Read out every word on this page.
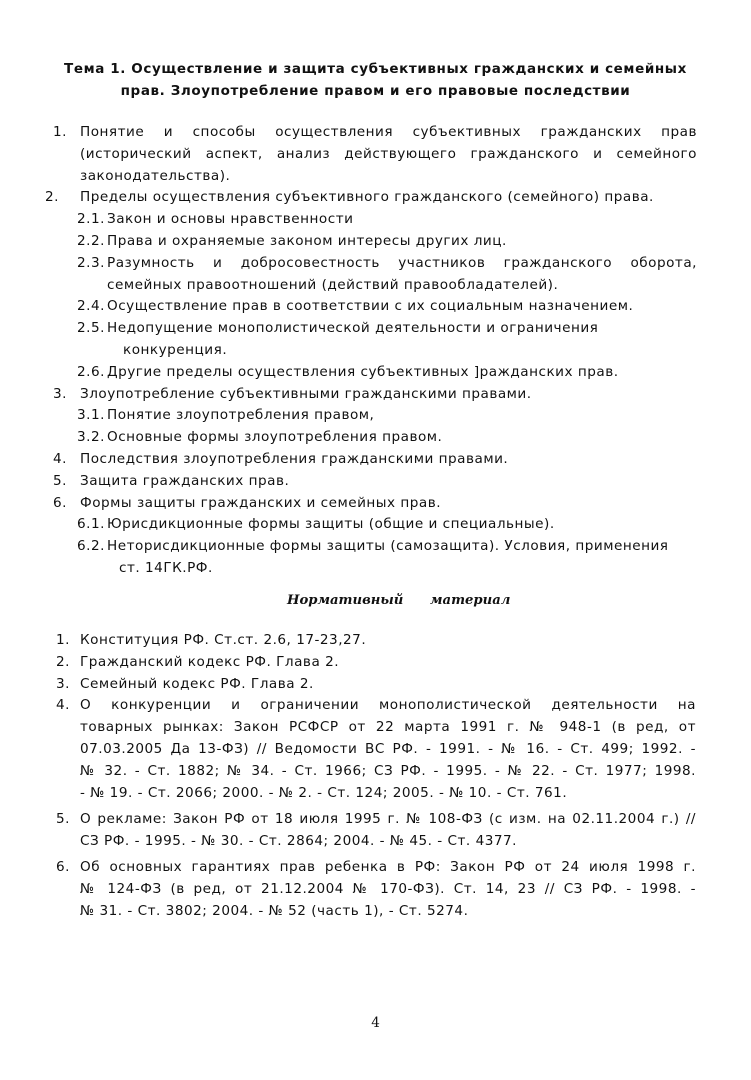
Тема 1. Осуществление и защита субъективных гражданских и семейных
прав. Злоупотребление правом и его правовые последствии
1. Понятие и способы осуществления субъективных гражданских прав
(исторический аспект, анализ действующего гражданского и семейного
законодательства).
2. Пределы осуществления субъективного гражданского (семейного) права.
2.1. Закон и основы нравственности
2.2. Права и охраняемые законом интересы других лиц.
2.3. Разумность и добросовестность участников гражданского оборота,
семейных правоотношений (действий правообладателей).
2.4. Осуществление прав в соответствии с их социальным назначением.
2.5. Недопущение монополистической деятельности и ограничения
конкуренция.
2.6. Другие пределы осуществления субъективных ]ражданских прав.
3. Злоупотребление субъективными гражданскими правами.
3.1. Понятие злоупотребления правом,
3.2. Основные формы злоупотребления правом.
4. Последствия злоупотребления гражданскими правами.
5. Защита гражданских прав.
6. Формы защиты гражданских и семейных прав.
6.1. Юрисдикционные формы защиты (общие и специальные).
6.2. Неторисдикционные формы защиты (самозащита). Условия, применения
ст. 14ГК.РФ.
Нормативный материал
1. Конституция РФ. Ст.ст. 2.6, 17-23,27.
2. Гражданский кодекс РФ. Глава 2.
3. Семейный кодекс РФ. Глава 2.
4. О конкуренции и ограничении монополистической деятельности на
товарных рынках: Закон РСФСР от 22 марта 1991 г. № 948-1 (в ред, от
07.03.2005 Да 13-ФЗ) // Ведомости ВС РФ. - 1991. - № 16. - Ст. 499; 1992. -
№ 32. - Ст. 1882; № 34. - Ст. 1966; СЗ РФ. - 1995. - № 22. - Ст. 1977; 1998.
- № 19. - Ст. 2066; 2000. - № 2. - Ст. 124; 2005. - № 10. - Ст. 761.
5. О рекламе: Закон РФ от 18 июля 1995 г. № 108-ФЗ (с изм. на 02.11.2004 г.) //
СЗ РФ. - 1995. - № 30. - Ст. 2864; 2004. - № 45. - Ст. 4377.
6. Об основных гарантиях прав ребенка в РФ: Закон РФ от 24 июля 1998 г.
№ 124-ФЗ (в ред, от 21.12.2004 № 170-ФЗ). Ст. 14, 23 // СЗ РФ. - 1998. -
№ 31. - Ст. 3802; 2004. - № 52 (часть 1), - Ст. 5274.
4
